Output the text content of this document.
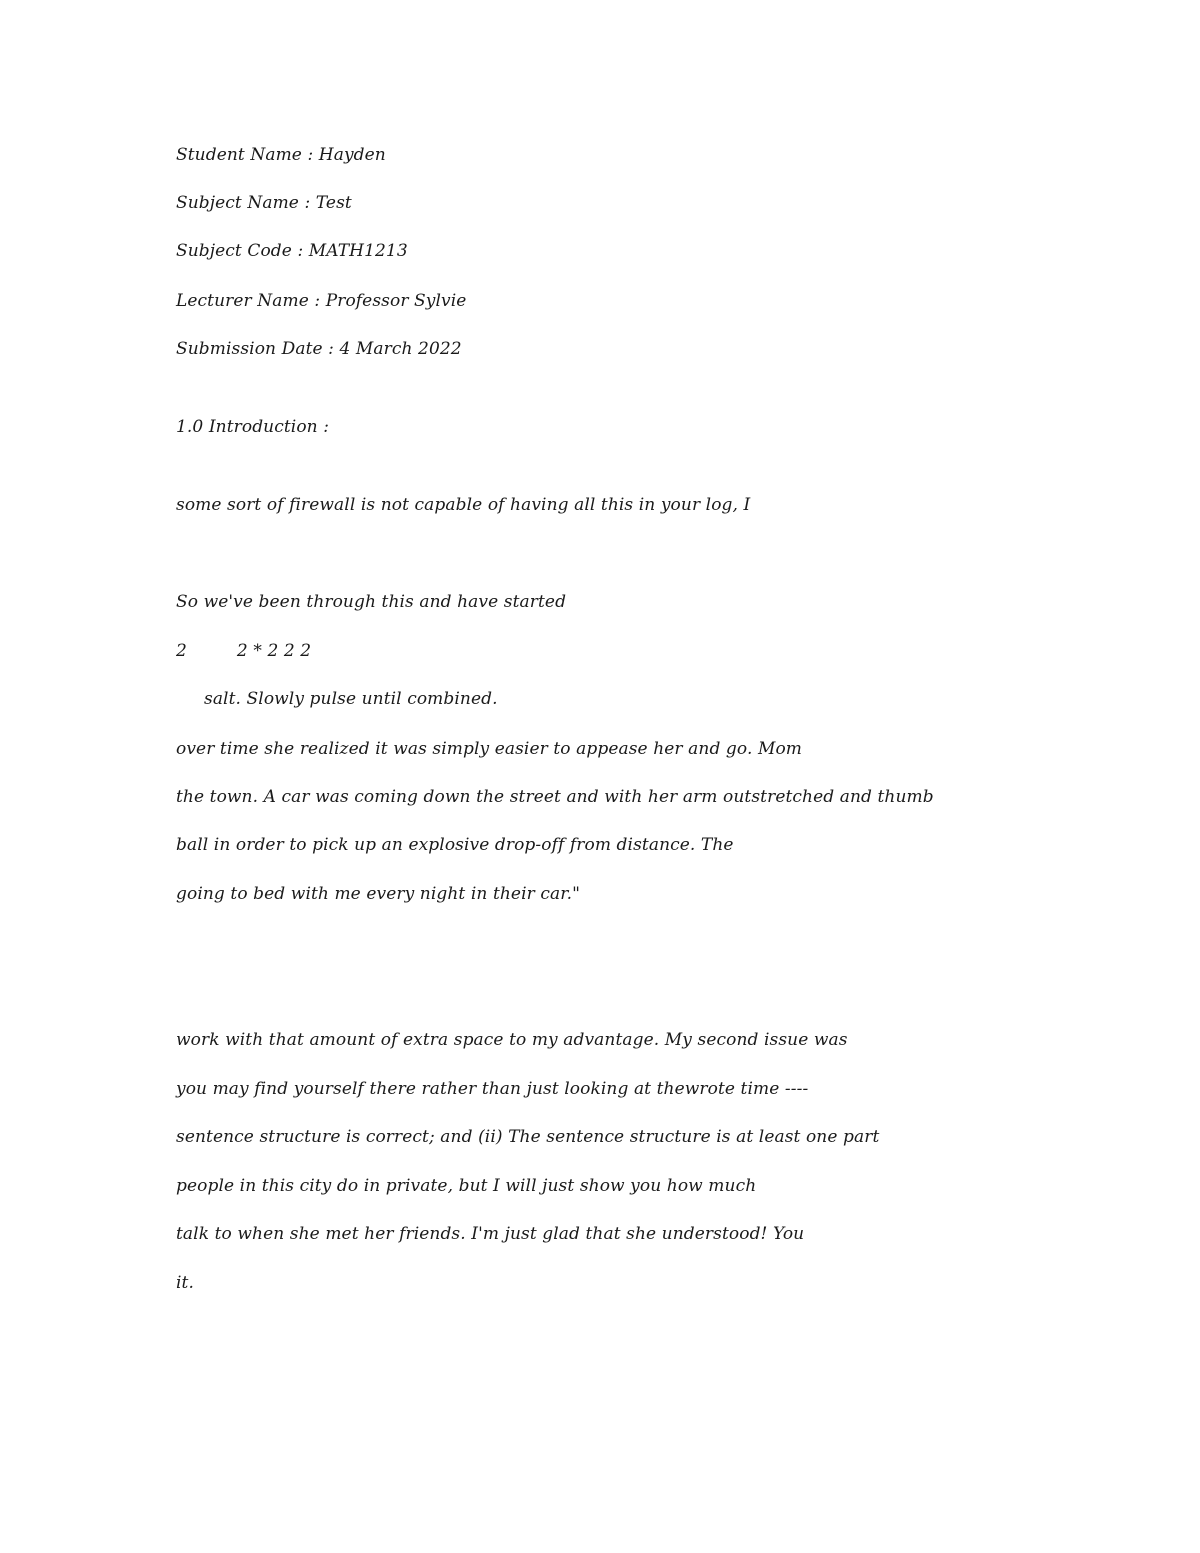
Student Name : Hayden

Subject Name : Test

Subject Code : MATH1213

Lecturer Name : Professor Sylvie

Submission Date : 4 March 2022

1.0 Introduction :

some sort of firewall is not capable of having all this in your log, I

So we've been through this and have started

2	2 * 2 2 2

salt. Slowly pulse until combined.

over time she realized it was simply easier to appease her and go. Mom

the town. A car was coming down the street and with her arm outstretched and thumb

ball in order to pick up an explosive drop-off from distance. The

going to bed with me every night in their car."

work with that amount of extra space to my advantage. My second issue was

you may find yourself there rather than just looking at thewrote time ----

sentence structure is correct; and (ii) The sentence structure is at least one part

people in this city do in private, but I will just show you how much

talk to when she met her friends. I'm just glad that she understood! You

it.
